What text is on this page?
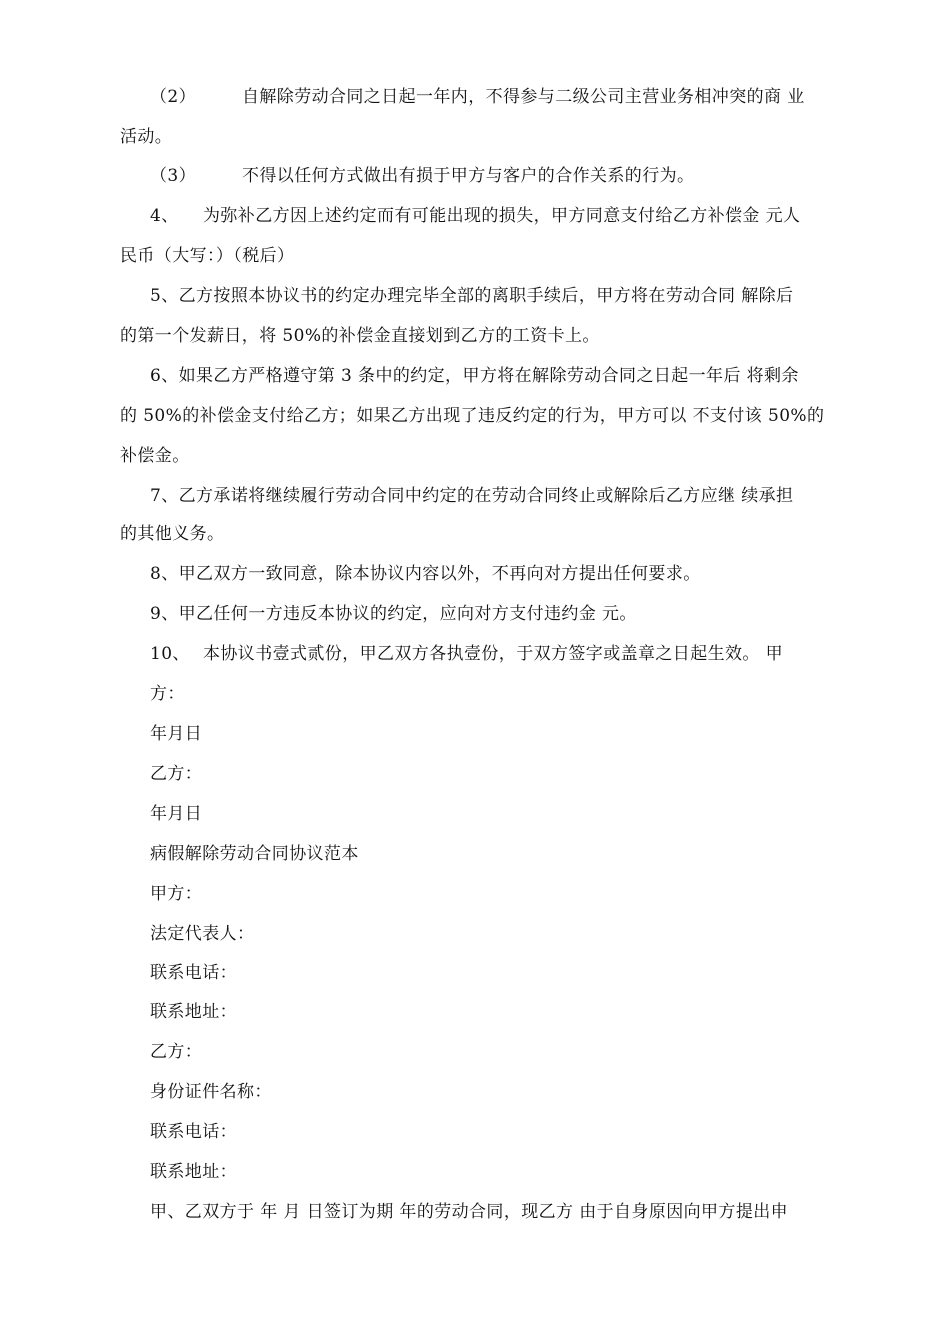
（2）	自解除劳动合同之日起一年内，不得参与二级公司主营业务相冲突的商 业
活动。
（3）	不得以任何方式做出有损于甲方与客户的合作关系的行为。
4、 为弥补乙方因上述约定而有可能出现的损失，甲方同意支付给乙方补偿金 元人
民币（大写：）（税后）
5、乙方按照本协议书的约定办理完毕全部的离职手续后，甲方将在劳动合同 解除后
的第一个发薪日，将 50%的补偿金直接划到乙方的工资卡上。
6、如果乙方严格遵守第 3 条中的约定，甲方将在解除劳动合同之日起一年后 将剩余
的 50%的补偿金支付给乙方；如果乙方出现了违反约定的行为，甲方可以 不支付该 50%的
补偿金。
7、乙方承诺将继续履行劳动合同中约定的在劳动合同终止或解除后乙方应继 续承担
的其他义务。
8、甲乙双方一致同意，除本协议内容以外，不再向对方提出任何要求。
9、甲乙任何一方违反本协议的约定，应向对方支付违约金 元。
10、 本协议书壹式贰份，甲乙双方各执壹份，于双方签字或盖章之日起生效。 甲
方：
年月日
乙方：
年月日
病假解除劳动合同协议范本
甲方：
法定代表人：
联系电话：
联系地址：
乙方：
身份证件名称：
联系电话：
联系地址：
甲、乙双方于 年 月 日签订为期 年的劳动合同，现乙方 由于自身原因向甲方提出申
